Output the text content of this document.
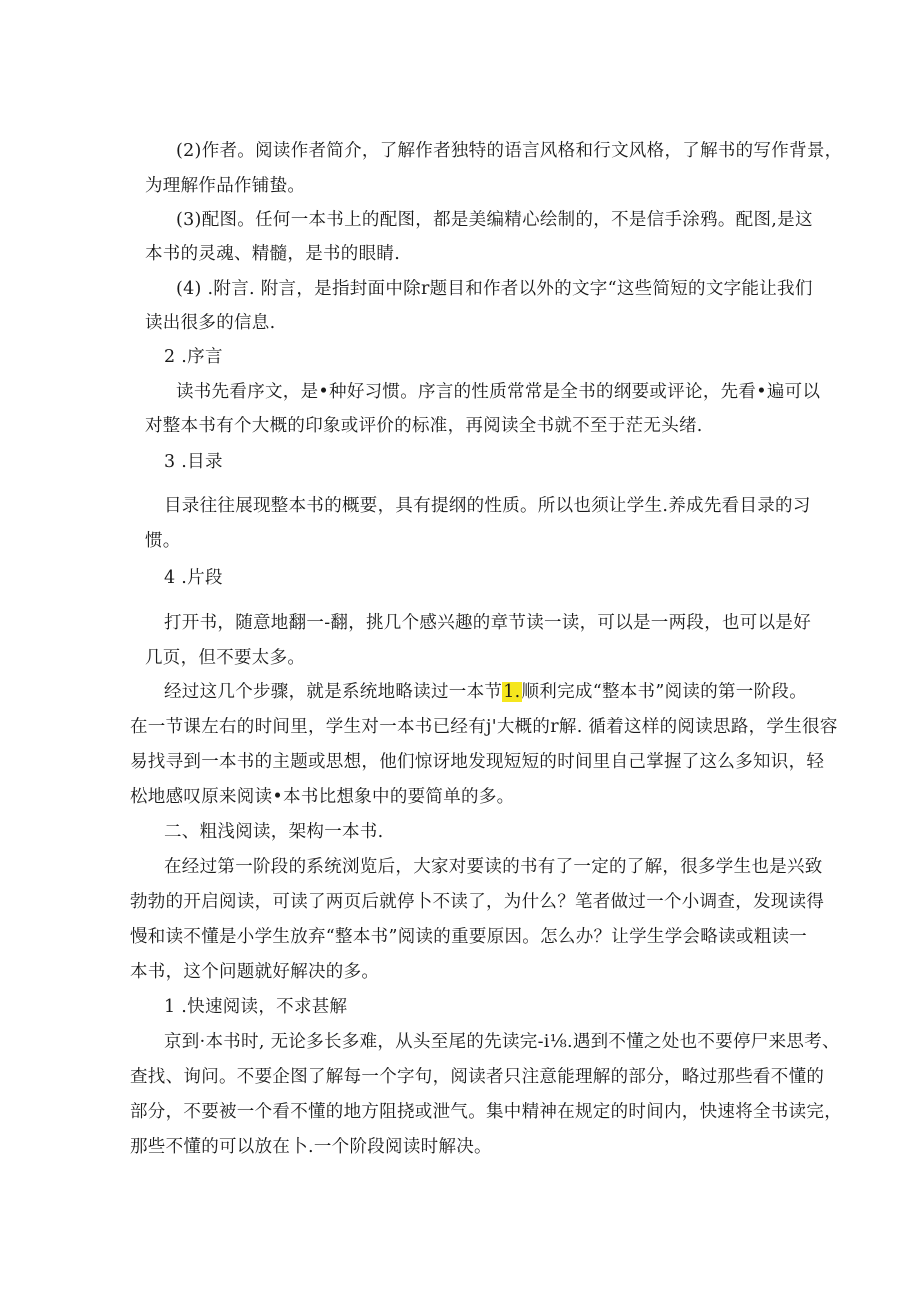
(2)作者。阅读作者简介，了解作者独特的语言风格和行文风格，了解书的写作背景，
为理解作品作铺蛰。
(3)配图。任何一本书上的配图，都是美编精心绘制的，不是信手涂鸦。配图,是这
本书的灵魂、精髓，是书的眼睛.
(4) .附言. 附言，是指封面中除r题目和作者以外的文字“这些简短的文字能让我们
读出很多的信息.
2 .序言
读书先看序文，是•种好习惯。序言的性质常常是全书的纲要或评论，先看•遍可以
对整本书有个大概的印象或评价的标准，再阅读全书就不至于茫无头绪.
3 .目录
目录往往展现整本书的概要，具有提纲的性质。所以也须让学生.养成先看目录的习
惯。
4 .片段
打开书，随意地翻一-翻，挑几个感兴趣的章节读一读，可以是一两段，也可以是好
几页，但不要太多。
经过这几个步骤，就是系统地略读过一本节1.顺利完成“整本书”阅读的第一阶段。
在一节课左右的时间里，学生对一本书已经有j'大概的r解. 循着这样的阅读思路，学生很容
易找寻到一本书的主题或思想，他们惊讶地发现短短的时间里自己掌握了这么多知识，轻
松地感叹原来阅读•本书比想象中的要简单的多。
二、粗浅阅读，架构一本书.
在经过第一阶段的系统浏览后，大家对要读的书有了一定的了解，很多学生也是兴致
勃勃的开启阅读，可读了两页后就停卜不读了，为什么？笔者做过一个小调查，发现读得
慢和读不懂是小学生放弃“整本书”阅读的重要原因。怎么办？让学生学会略读或粗读一
本书，这个问题就好解决的多。
1 .快速阅读，不求甚解
京到·本书时, 无论多长多难，从头至尾的先读完-i⅛.遇到不懂之处也不要停尸来思考、
查找、询问。不要企图了解每一个字句，阅读者只注意能理解的部分，略过那些看不懂的
部分，不要被一个看不懂的地方阻挠或泄气。集中精神在规定的时间内，快速将全书读完，
那些不懂的可以放在卜.一个阶段阅读时解决。
